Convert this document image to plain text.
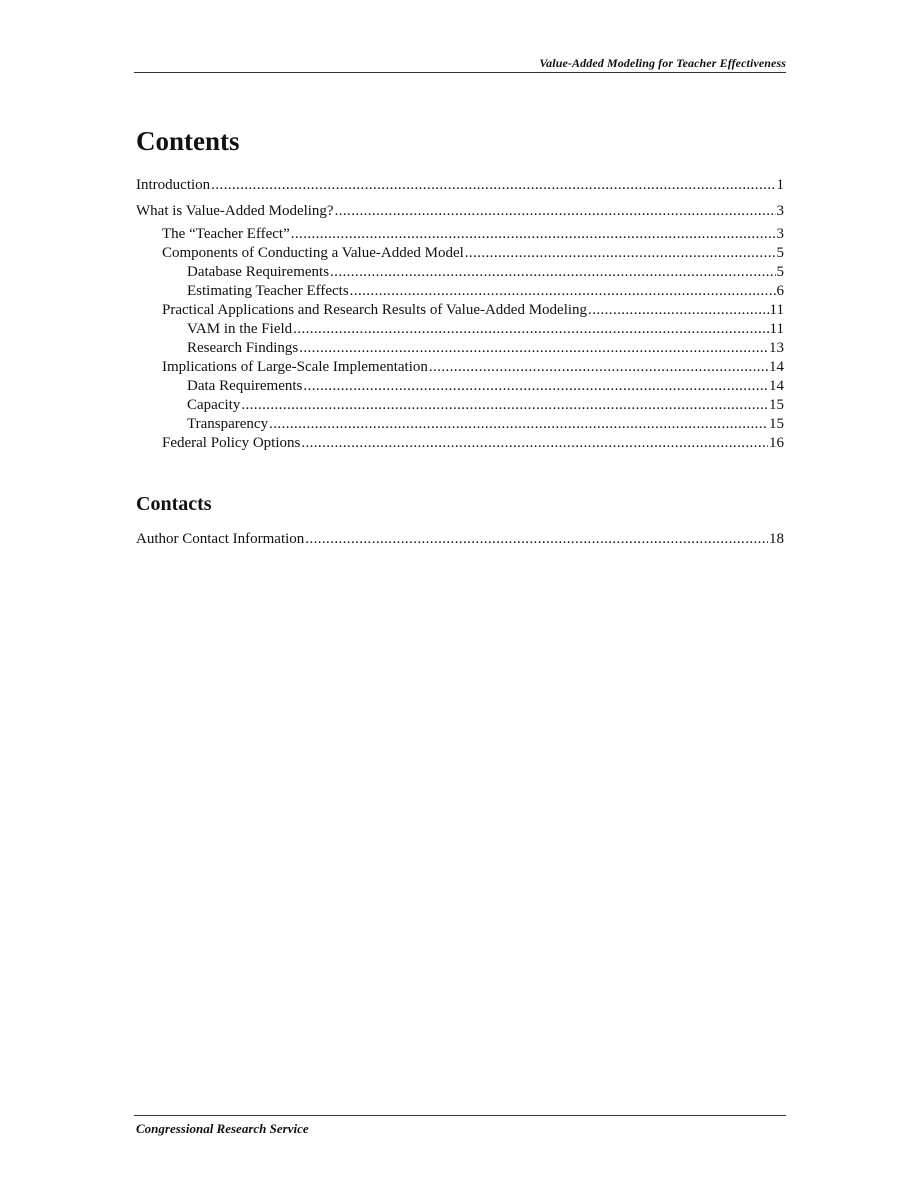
Value-Added Modeling for Teacher Effectiveness
Contents
Introduction .....	1
What is Value-Added Modeling? .....	3
The “Teacher Effect” .....	3
Components of Conducting a Value-Added Model .....	5
Database Requirements .....	5
Estimating Teacher Effects .....	6
Practical Applications and Research Results of Value-Added Modeling .....	11
VAM in the Field .....	11
Research Findings .....	13
Implications of Large-Scale Implementation .....	14
Data Requirements .....	14
Capacity .....	15
Transparency .....	15
Federal Policy Options .....	16
Contacts
Author Contact Information .....	18
Congressional Research Service
